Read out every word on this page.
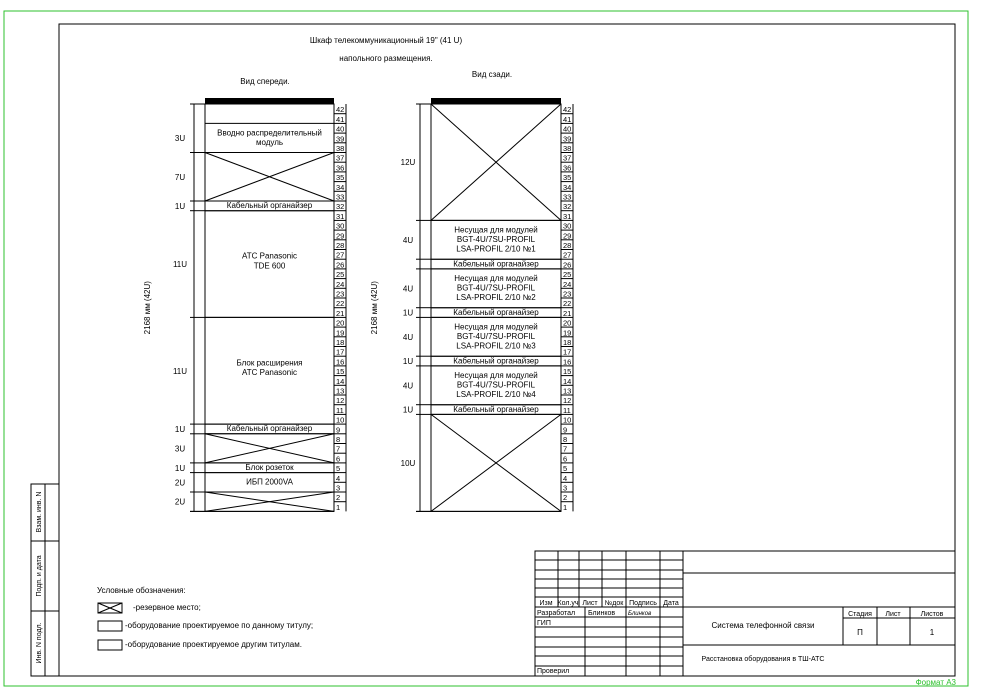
Формат А3
Шкаф телекоммуникационный 19" (41 U)
напольного размещения.
Вид спереди.
Вид сзади.
42
41
40
39
38
37
36
35
34
33
32
31
30
29
28
27
26
25
24
23
22
21
20
19
18
17
16
15
14
13
12
11
10
9
8
7
6
5
4
3
2
1
2168 мм (42U)
Вводно распределительный
модуль
3U
7U
Кабельный органайзер
1U
АТС Panasonic
TDE 600
11U
Блок расширения
АТС Panasonic
11U
Кабельный органайзер
1U
3U
Блок розеток
1U
ИБП 2000VA
2U
2U
42
41
40
39
38
37
36
35
34
33
32
31
30
29
28
27
26
25
24
23
22
21
20
19
18
17
16
15
14
13
12
11
10
9
8
7
6
5
4
3
2
1
2168 мм (42U)
12U
Несущая для модулей
BGT-4U/7SU-PROFIL
LSA-PROFIL 2/10 №1
4U
Кабельный органайзер
Несущая для модулей
BGT-4U/7SU-PROFIL
LSA-PROFIL 2/10 №2
4U
Кабельный органайзер
1U
Несущая для модулей
BGT-4U/7SU-PROFIL
LSA-PROFIL 2/10 №3
4U
Кабельный органайзер
1U
Несущая для модулей
BGT-4U/7SU-PROFIL
LSA-PROFIL 2/10 №4
4U
Кабельный органайзер
1U
10U
Взам. инв. N
Подп. и дата
Инв. N подл.
Условные обозначения:
-резервное место;
-оборудование проектируемое по данному титулу;
-оборудование проектируемое другим титулам.
Изм Кол.уч Лист №док Подпись Дата
Разработал Блинков Блинков
ГИП
Проверил
Система телефонной связи
Расстановка оборудования в ТШ-АТС
Стадия Лист	Листов
П	1
